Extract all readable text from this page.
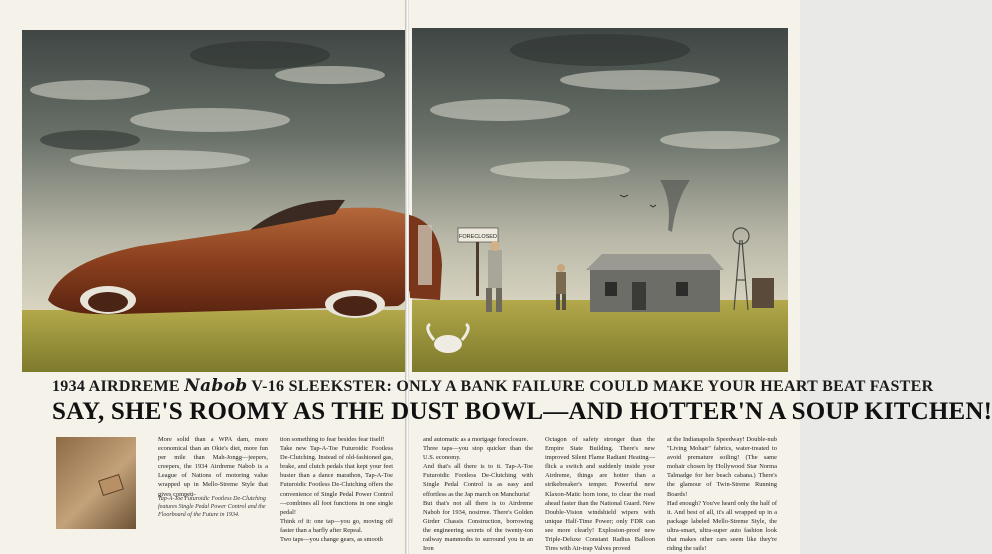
FORECLOSED
1934 AIRDREME Nabob V-16 SLEEKSTER: ONLY A BANK FAILURE COULD MAKE YOUR HEART BEAT FASTER
SAY, SHE'S ROOMY AS THE DUST BOWL—AND HOTTER'N A SOUP KITCHEN!
Tap-A-Toe Futuroidic Footless De-Clutching features Single Pedal Power Control and the Floorboard of the Future in 1934.

More solid than a WPA dam, more economical than an Okie's diet, more fun per mile than Mah-Jongg—jeepers, creepers, the 1934 Airdreme Nabob is a League of Nations of motoring value wrapped up in Mello-Streme Style that gives competi-

tion something to fear besides fear itself!

Take new Tap-A-Toe Futuroidic Footless De-Clutching. Instead of old-fashioned gas, brake, and clutch pedals that kept your feet busier than a dance marathon, Tap-A-Toe Futuroidic Footless De-Clutching offers the convenience of Single Pedal Power Control—combines all foot functions in one single pedal!

Think of it: one tap—you go, moving off faster than a barfly after Repeal.

Two taps—you change gears, as smooth

and automatic as a mortgage foreclosure.

Three taps—you stop quicker than the U.S. economy.

And that's all there is to it. Tap-A-Toe Futuroidic Footless De-Clutching with Single Pedal Control is as easy and effortless as the Jap march on Manchuria!

But that's not all there is to Airdreme Nabob for 1934, nosirree. There's Golden Girder Chassis Construction, borrowing the engineering secrets of the twenty-ton railway mammoths to surround you in an Iron

Octagon of safety stronger than the Empire State Building. There's new improved Silent Flame Radiant Heating—flick a switch and suddenly inside your Airdreme, things are hotter than a strikebreaker's temper. Powerful new Klaxon-Matic horn tone, to clear the road ahead faster than the National Guard. New Double-Vision windshield wipers with unique Half-Time Power; only FDR can see more clearly! Explosion-proof new Triple-Deluxe Constant Radius Balloon Tires with Air-trap Valves proved

at the Indianapolis Speedway! Double-nub "Living Mohair" fabrics, water-treated to avoid premature soiling! (The same mohair chosen by Hollywood Star Norma Talmadge for her beach cabana.) There's the glamour of Twin-Streme Running Boards!

Had enough? You've heard only the half of it. And best of all, it's all wrapped up in a package labeled Mello-Streme Style, the ultra-smart, ultra-super auto fashion look that makes other cars seem like they're riding the rails!
